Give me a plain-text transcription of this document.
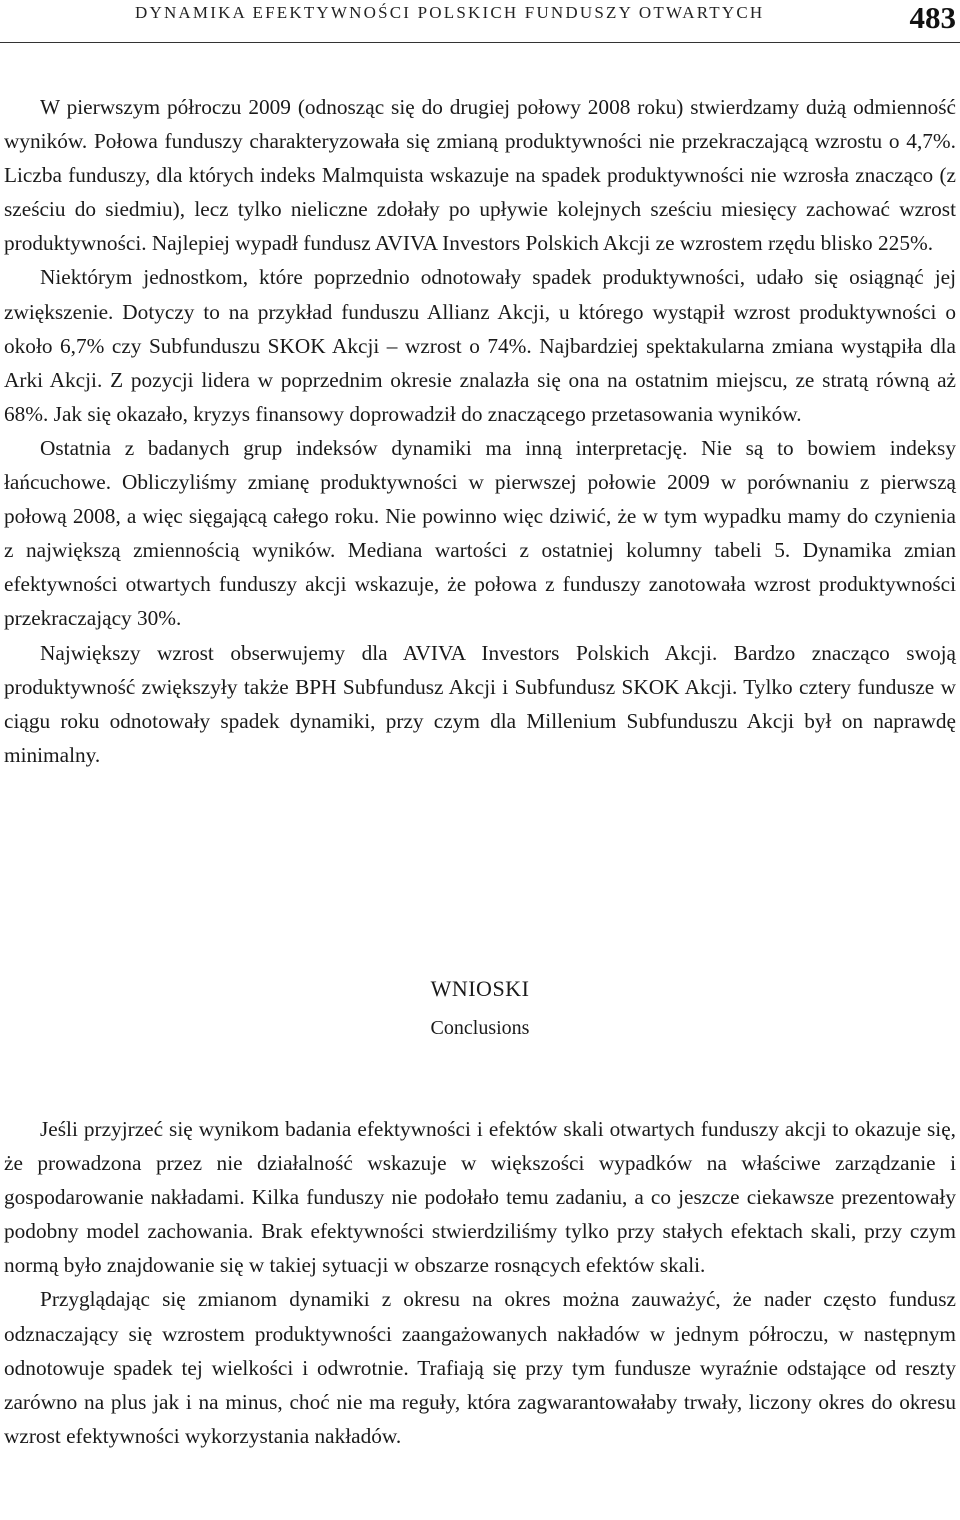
DYNAMIKA EFEKTYWNOŚCI POLSKICH FUNDUSZY OTWARTYCH	483

W pierwszym półroczu 2009 (odnosząc się do drugiej połowy 2008 roku) stwierdzamy dużą odmienność wyników. Połowa funduszy charakteryzowała się zmianą produktywności nie przekraczającą wzrostu o 4,7%. Liczba funduszy, dla których indeks Malmquista wskazuje na spadek produktywności nie wzrosła znacząco (z sześciu do siedmiu), lecz tylko nieliczne zdołały po upływie kolejnych sześciu miesięcy zachować wzrost produktywności. Najlepiej wypadł fundusz AVIVA Investors Polskich Akcji ze wzrostem rzędu blisko 225%.

Niektórym jednostkom, które poprzednio odnotowały spadek produktywności, udało się osiągnąć jej zwiększenie. Dotyczy to na przykład funduszu Allianz Akcji, u którego wystąpił wzrost produktywności o około 6,7% czy Subfunduszu SKOK Akcji – wzrost o 74%. Najbardziej spektakularna zmiana wystąpiła dla Arki Akcji. Z pozycji lidera w poprzednim okresie znalazła się ona na ostatnim miejscu, ze stratą równą aż 68%. Jak się okazało, kryzys finansowy doprowadził do znaczącego przetasowania wyników.

Ostatnia z badanych grup indeksów dynamiki ma inną interpretację. Nie są to bowiem indeksy łańcuchowe. Obliczyliśmy zmianę produktywności w pierwszej połowie 2009 w porównaniu z pierwszą połową 2008, a więc sięgającą całego roku. Nie powinno więc dziwić, że w tym wypadku mamy do czynienia z największą zmiennością wyników. Mediana wartości z ostatniej kolumny tabeli 5. Dynamika zmian efektywności otwartych funduszy akcji wskazuje, że połowa z funduszy zanotowała wzrost produktywności przekraczający 30%.

Największy wzrost obserwujemy dla AVIVA Investors Polskich Akcji. Bardzo znacząco swoją produktywność zwiększyły także BPH Subfundusz Akcji i Subfundusz SKOK Akcji. Tylko cztery fundusze w ciągu roku odnotowały spadek dynamiki, przy czym dla Millenium Subfunduszu Akcji był on naprawdę minimalny.

WNIOSKI
Conclusions

Jeśli przyjrzeć się wynikom badania efektywności i efektów skali otwartych funduszy akcji to okazuje się, że prowadzona przez nie działalność wskazuje w większości wypadków na właściwe zarządzanie i gospodarowanie nakładami. Kilka funduszy nie podołało temu zadaniu, a co jeszcze ciekawsze prezentowały podobny model zachowania. Brak efektywności stwierdziliśmy tylko przy stałych efektach skali, przy czym normą było znajdowanie się w takiej sytuacji w obszarze rosnących efektów skali.

Przyglądając się zmianom dynamiki z okresu na okres można zauważyć, że nader często fundusz odznaczający się wzrostem produktywności zaangażowanych nakładów w jednym półroczu, w następnym odnotowuje spadek tej wielkości i odwrotnie. Trafiają się przy tym fundusze wyraźnie odstające od reszty zarówno na plus jak i na minus, choć nie ma reguły, która zagwarantowałaby trwały, liczony okres do okresu wzrost efektywności wykorzystania nakładów.
